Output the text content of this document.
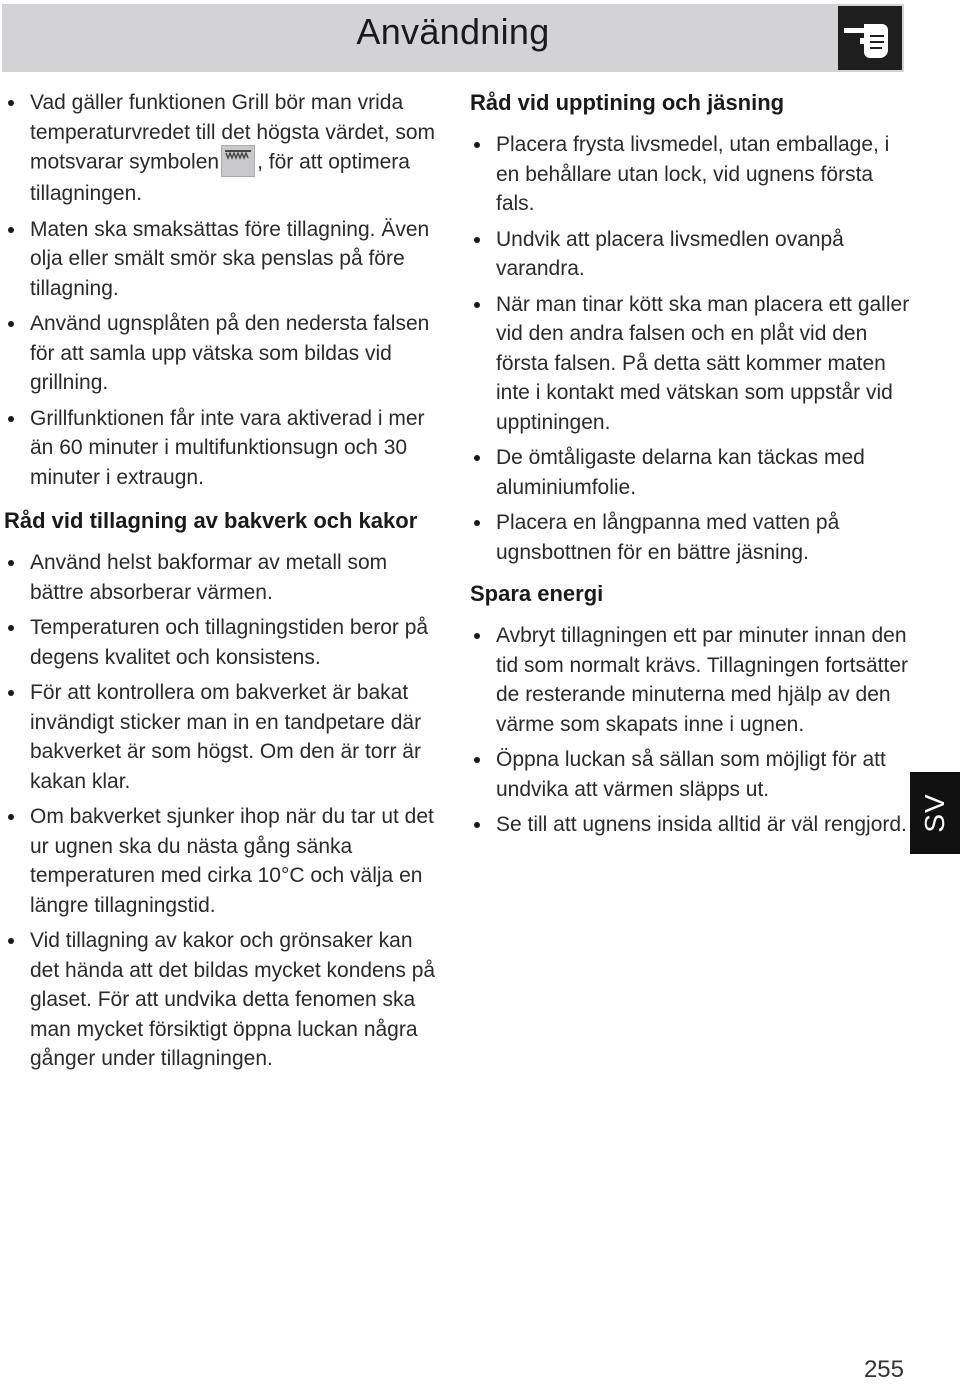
Användning
Vad gäller funktionen Grill bör man vrida temperaturvredet till det högsta värdet, som motsvarar symbolen , för att optimera tillagningen.
Maten ska smaksättas före tillagning. Även olja eller smält smör ska penslas på före tillagning.
Använd ugnsplåten på den nedersta falsen för att samla upp vätska som bildas vid grillning.
Grillfunktionen får inte vara aktiverad i mer än 60 minuter i multifunktionsugn och 30 minuter i extraugn.
Råd vid tillagning av bakverk och kakor
Använd helst bakformar av metall som bättre absorberar värmen.
Temperaturen och tillagningstiden beror på degens kvalitet och konsistens.
För att kontrollera om bakverket är bakat invändigt sticker man in en tandpetare där bakverket är som högst. Om den är torr är kakan klar.
Om bakverket sjunker ihop när du tar ut det ur ugnen ska du nästa gång sänka temperaturen med cirka 10°C och välja en längre tillagningstid.
Vid tillagning av kakor och grönsaker kan det hända att det bildas mycket kondens på glaset. För att undvika detta fenomen ska man mycket försiktigt öppna luckan några gånger under tillagningen.
Råd vid upptining och jäsning
Placera frysta livsmedel, utan emballage, i en behållare utan lock, vid ugnens första fals.
Undvik att placera livsmedlen ovanpå varandra.
När man tinar kött ska man placera ett galler vid den andra falsen och en plåt vid den första falsen. På detta sätt kommer maten inte i kontakt med vätskan som uppstår vid upptiningen.
De ömtåligaste delarna kan täckas med aluminiumfolie.
Placera en långpanna med vatten på ugnsbottnen för en bättre jäsning.
Spara energi
Avbryt tillagningen ett par minuter innan den tid som normalt krävs. Tillagningen fortsätter de resterande minuterna med hjälp av den värme som skapats inne i ugnen.
Öppna luckan så sällan som möjligt för att undvika att värmen släpps ut.
Se till att ugnens insida alltid är väl rengjord. SV
255
